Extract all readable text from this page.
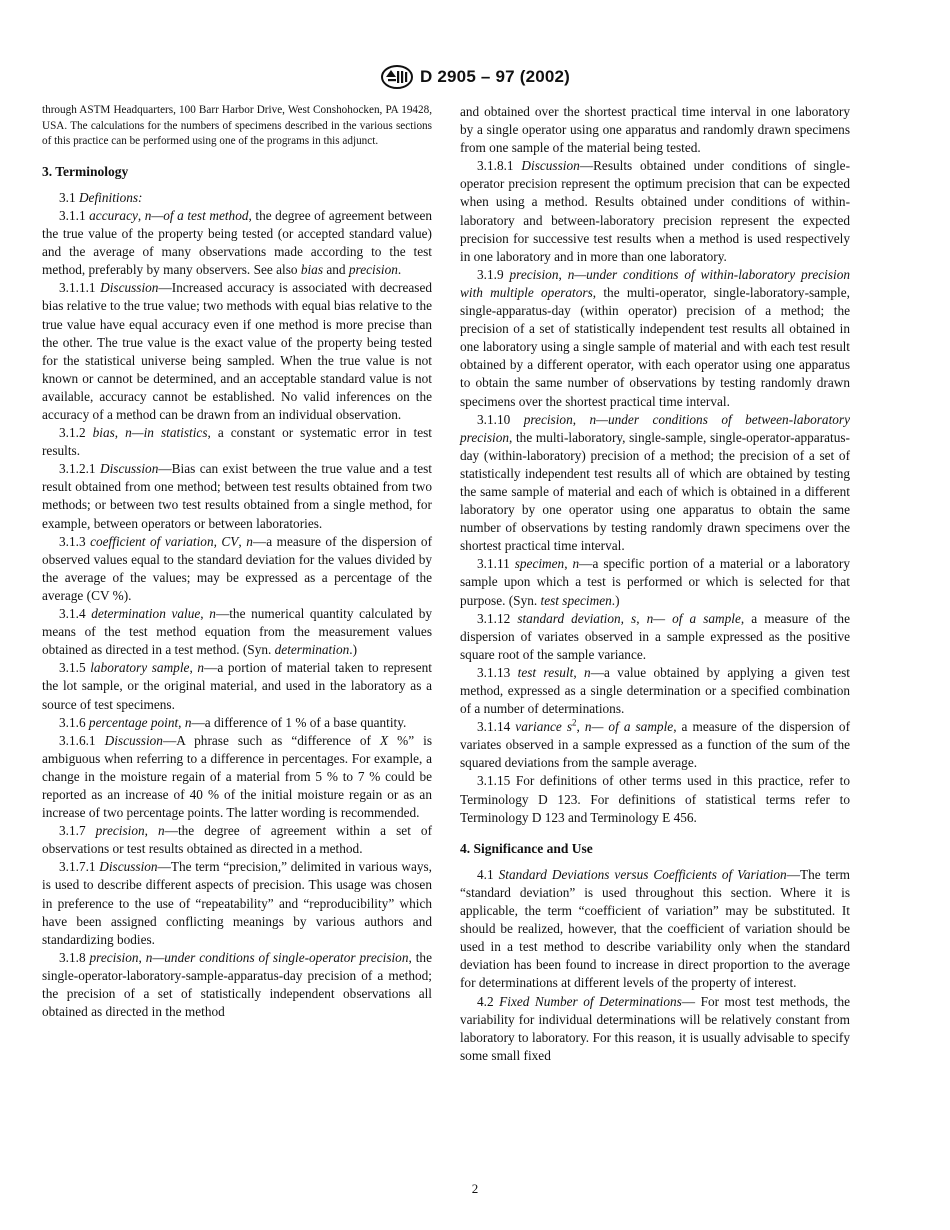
D 2905 – 97 (2002)

through ASTM Headquarters, 100 Barr Harbor Drive, West Conshohocken, PA 19428, USA. The calculations for the numbers of specimens described in the various sections of this practice can be performed using one of the programs in this adjunct.

3. Terminology

3.1 Definitions:

3.1.1 accuracy, n—of a test method, the degree of agreement between the true value of the property being tested (or accepted standard value) and the average of many observations made according to the test method, preferably by many observers. See also bias and precision.

3.1.1.1 Discussion—Increased accuracy is associated with decreased bias relative to the true value; two methods with equal bias relative to the true value have equal accuracy even if one method is more precise than the other. The true value is the exact value of the property being tested for the statistical universe being sampled. When the true value is not known or cannot be determined, and an acceptable standard value is not available, accuracy cannot be established. No valid inferences on the accuracy of a method can be drawn from an individual observation.

3.1.2 bias, n—in statistics, a constant or systematic error in test results.

3.1.2.1 Discussion—Bias can exist between the true value and a test result obtained from one method; between test results obtained from two methods; or between two test results obtained from a single method, for example, between operators or between laboratories.

3.1.3 coefficient of variation, CV, n—a measure of the dispersion of observed values equal to the standard deviation for the values divided by the average of the values; may be expressed as a percentage of the average (CV %).

3.1.4 determination value, n—the numerical quantity calculated by means of the test method equation from the measurement values obtained as directed in a test method. (Syn. determination.)

3.1.5 laboratory sample, n—a portion of material taken to represent the lot sample, or the original material, and used in the laboratory as a source of test specimens.

3.1.6 percentage point, n—a difference of 1 % of a base quantity.

3.1.6.1 Discussion—A phrase such as “difference of X %” is ambiguous when referring to a difference in percentages. For example, a change in the moisture regain of a material from 5 % to 7 % could be reported as an increase of 40 % of the initial moisture regain or as an increase of two percentage points. The latter wording is recommended.

3.1.7 precision, n—the degree of agreement within a set of observations or test results obtained as directed in a method.

3.1.7.1 Discussion—The term “precision,” delimited in various ways, is used to describe different aspects of precision. This usage was chosen in preference to the use of “repeatability” and “reproducibility” which have been assigned conflicting meanings by various authors and standardizing bodies.

3.1.8 precision, n—under conditions of single-operator precision, the single-operator-laboratory-sample-apparatus-day precision of a method; the precision of a set of statistically independent observations all obtained as directed in the method

and obtained over the shortest practical time interval in one laboratory by a single operator using one apparatus and randomly drawn specimens from one sample of the material being tested.

3.1.8.1 Discussion—Results obtained under conditions of single-operator precision represent the optimum precision that can be expected when using a method. Results obtained under conditions of within-laboratory and between-laboratory precision represent the expected precision for successive test results when a method is used respectively in one laboratory and in more than one laboratory.

3.1.9 precision, n—under conditions of within-laboratory precision with multiple operators, the multi-operator, single-laboratory-sample, single-apparatus-day (within operator) precision of a method; the precision of a set of statistically independent test results all obtained in one laboratory using a single sample of material and with each test result obtained by a different operator, with each operator using one apparatus to obtain the same number of observations by testing randomly drawn specimens over the shortest practical time interval.

3.1.10 precision, n—under conditions of between-laboratory precision, the multi-laboratory, single-sample, single-operator-apparatus-day (within-laboratory) precision of a method; the precision of a set of statistically independent test results all of which are obtained by testing the same sample of material and each of which is obtained in a different laboratory by one operator using one apparatus to obtain the same number of observations by testing randomly drawn specimens over the shortest practical time interval.

3.1.11 specimen, n—a specific portion of a material or a laboratory sample upon which a test is performed or which is selected for that purpose. (Syn. test specimen.)

3.1.12 standard deviation, s, n— of a sample, a measure of the dispersion of variates observed in a sample expressed as the positive square root of the sample variance.

3.1.13 test result, n—a value obtained by applying a given test method, expressed as a single determination or a specified combination of a number of determinations.

3.1.14 variance $s^2$, n— of a sample, a measure of the dispersion of variates observed in a sample expressed as a function of the sum of the squared deviations from the sample average.

3.1.15 For definitions of other terms used in this practice, refer to Terminology D 123. For definitions of statistical terms refer to Terminology D 123 and Terminology E 456.

4. Significance and Use

4.1 Standard Deviations versus Coefficients of Variation—The term “standard deviation” is used throughout this section. Where it is applicable, the term “coefficient of variation” may be substituted. It should be realized, however, that the coefficient of variation should be used in a test method to describe variability only when the standard deviation has been found to increase in direct proportion to the average for determinations at different levels of the property of interest.

4.2 Fixed Number of Determinations— For most test methods, the variability for individual determinations will be relatively constant from laboratory to laboratory. For this reason, it is usually advisable to specify some small fixed

2
